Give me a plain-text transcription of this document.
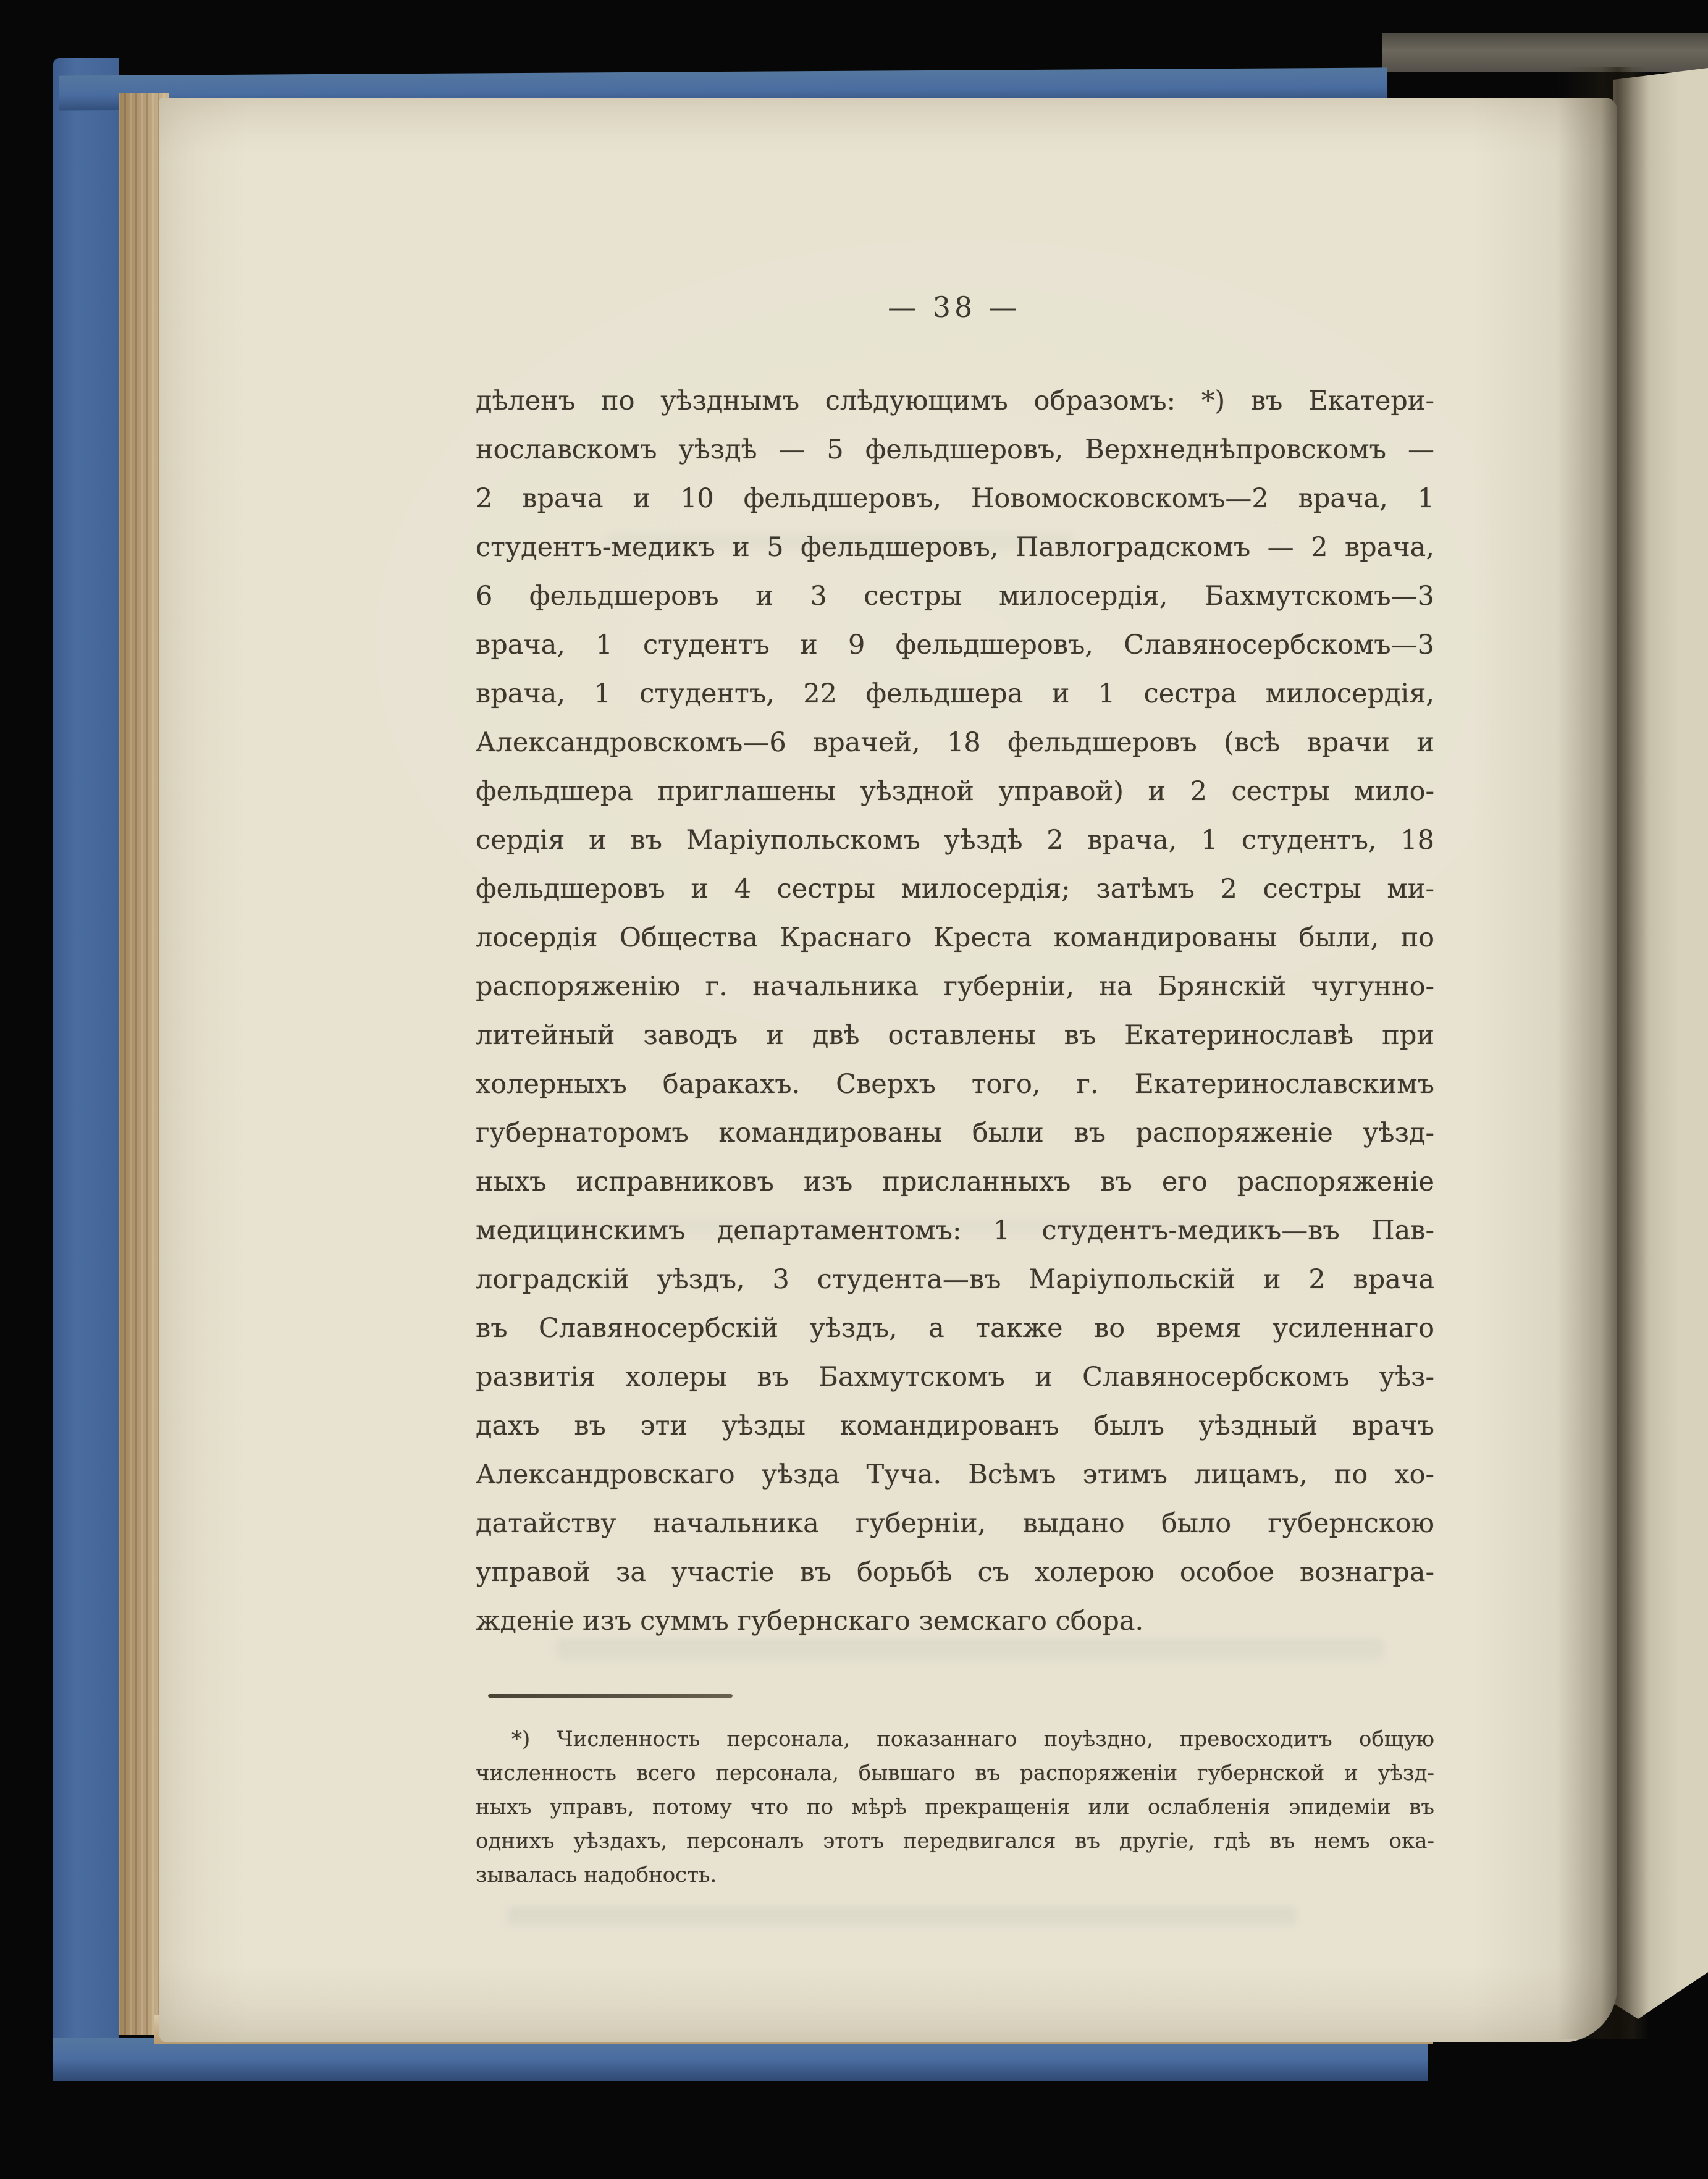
— 38 —
дѣленъ по уѣзднымъ слѣдующимъ образомъ: *) въ Екатери-
нославскомъ уѣздѣ — 5 фельдшеровъ, Верхнеднѣпровскомъ —
2 врача и 10 фельдшеровъ, Новомосковскомъ—2 врача, 1
студентъ-медикъ и 5 фельдшеровъ, Павлоградскомъ — 2 врача,
6 фельдшеровъ и 3 сестры милосердія, Бахмутскомъ—3
врача, 1 студентъ и 9 фельдшеровъ, Славяносербскомъ—3
врача, 1 студентъ, 22 фельдшера и 1 сестра милосердія,
Александровскомъ—6 врачей, 18 фельдшеровъ (всѣ врачи и
фельдшера приглашены уѣздной управой) и 2 сестры мило-
сердія и въ Маріупольскомъ уѣздѣ 2 врача, 1 студентъ, 18
фельдшеровъ и 4 сестры милосердія; затѣмъ 2 сестры ми-
лосердія Общества Краснаго Креста командированы были, по
распоряженію г. начальника губерніи, на Брянскій чугунно-
литейный заводъ и двѣ оставлены въ Екатеринославѣ при
холерныхъ баракахъ. Сверхъ того, г. Екатеринославскимъ
губернаторомъ командированы были въ распоряженіе уѣзд-
ныхъ исправниковъ изъ присланныхъ въ его распоряженіе
медицинскимъ департаментомъ: 1 студентъ-медикъ—въ Пав-
лоградскій уѣздъ, 3 студента—въ Маріупольскій и 2 врача
въ Славяносербскій уѣздъ, а также во время усиленнаго
развитія холеры въ Бахмутскомъ и Славяносербскомъ уѣз-
дахъ въ эти уѣзды командированъ былъ уѣздный врачъ
Александровскаго уѣзда Туча. Всѣмъ этимъ лицамъ, по хо-
датайству начальника губерніи, выдано было губернскою
управой за участіе въ борьбѣ съ холерою особое вознагра-
жденіе изъ суммъ губернскаго земскаго сбора.
*) Численность персонала, показаннаго поуѣздно, превосходитъ общую
численность всего персонала, бывшаго въ распоряженіи губернской и уѣзд-
ныхъ управъ, потому что по мѣрѣ прекращенія или ослабленія эпидеміи въ
однихъ уѣздахъ, персоналъ этотъ передвигался въ другіе, гдѣ въ немъ ока-
зывалась надобность.
